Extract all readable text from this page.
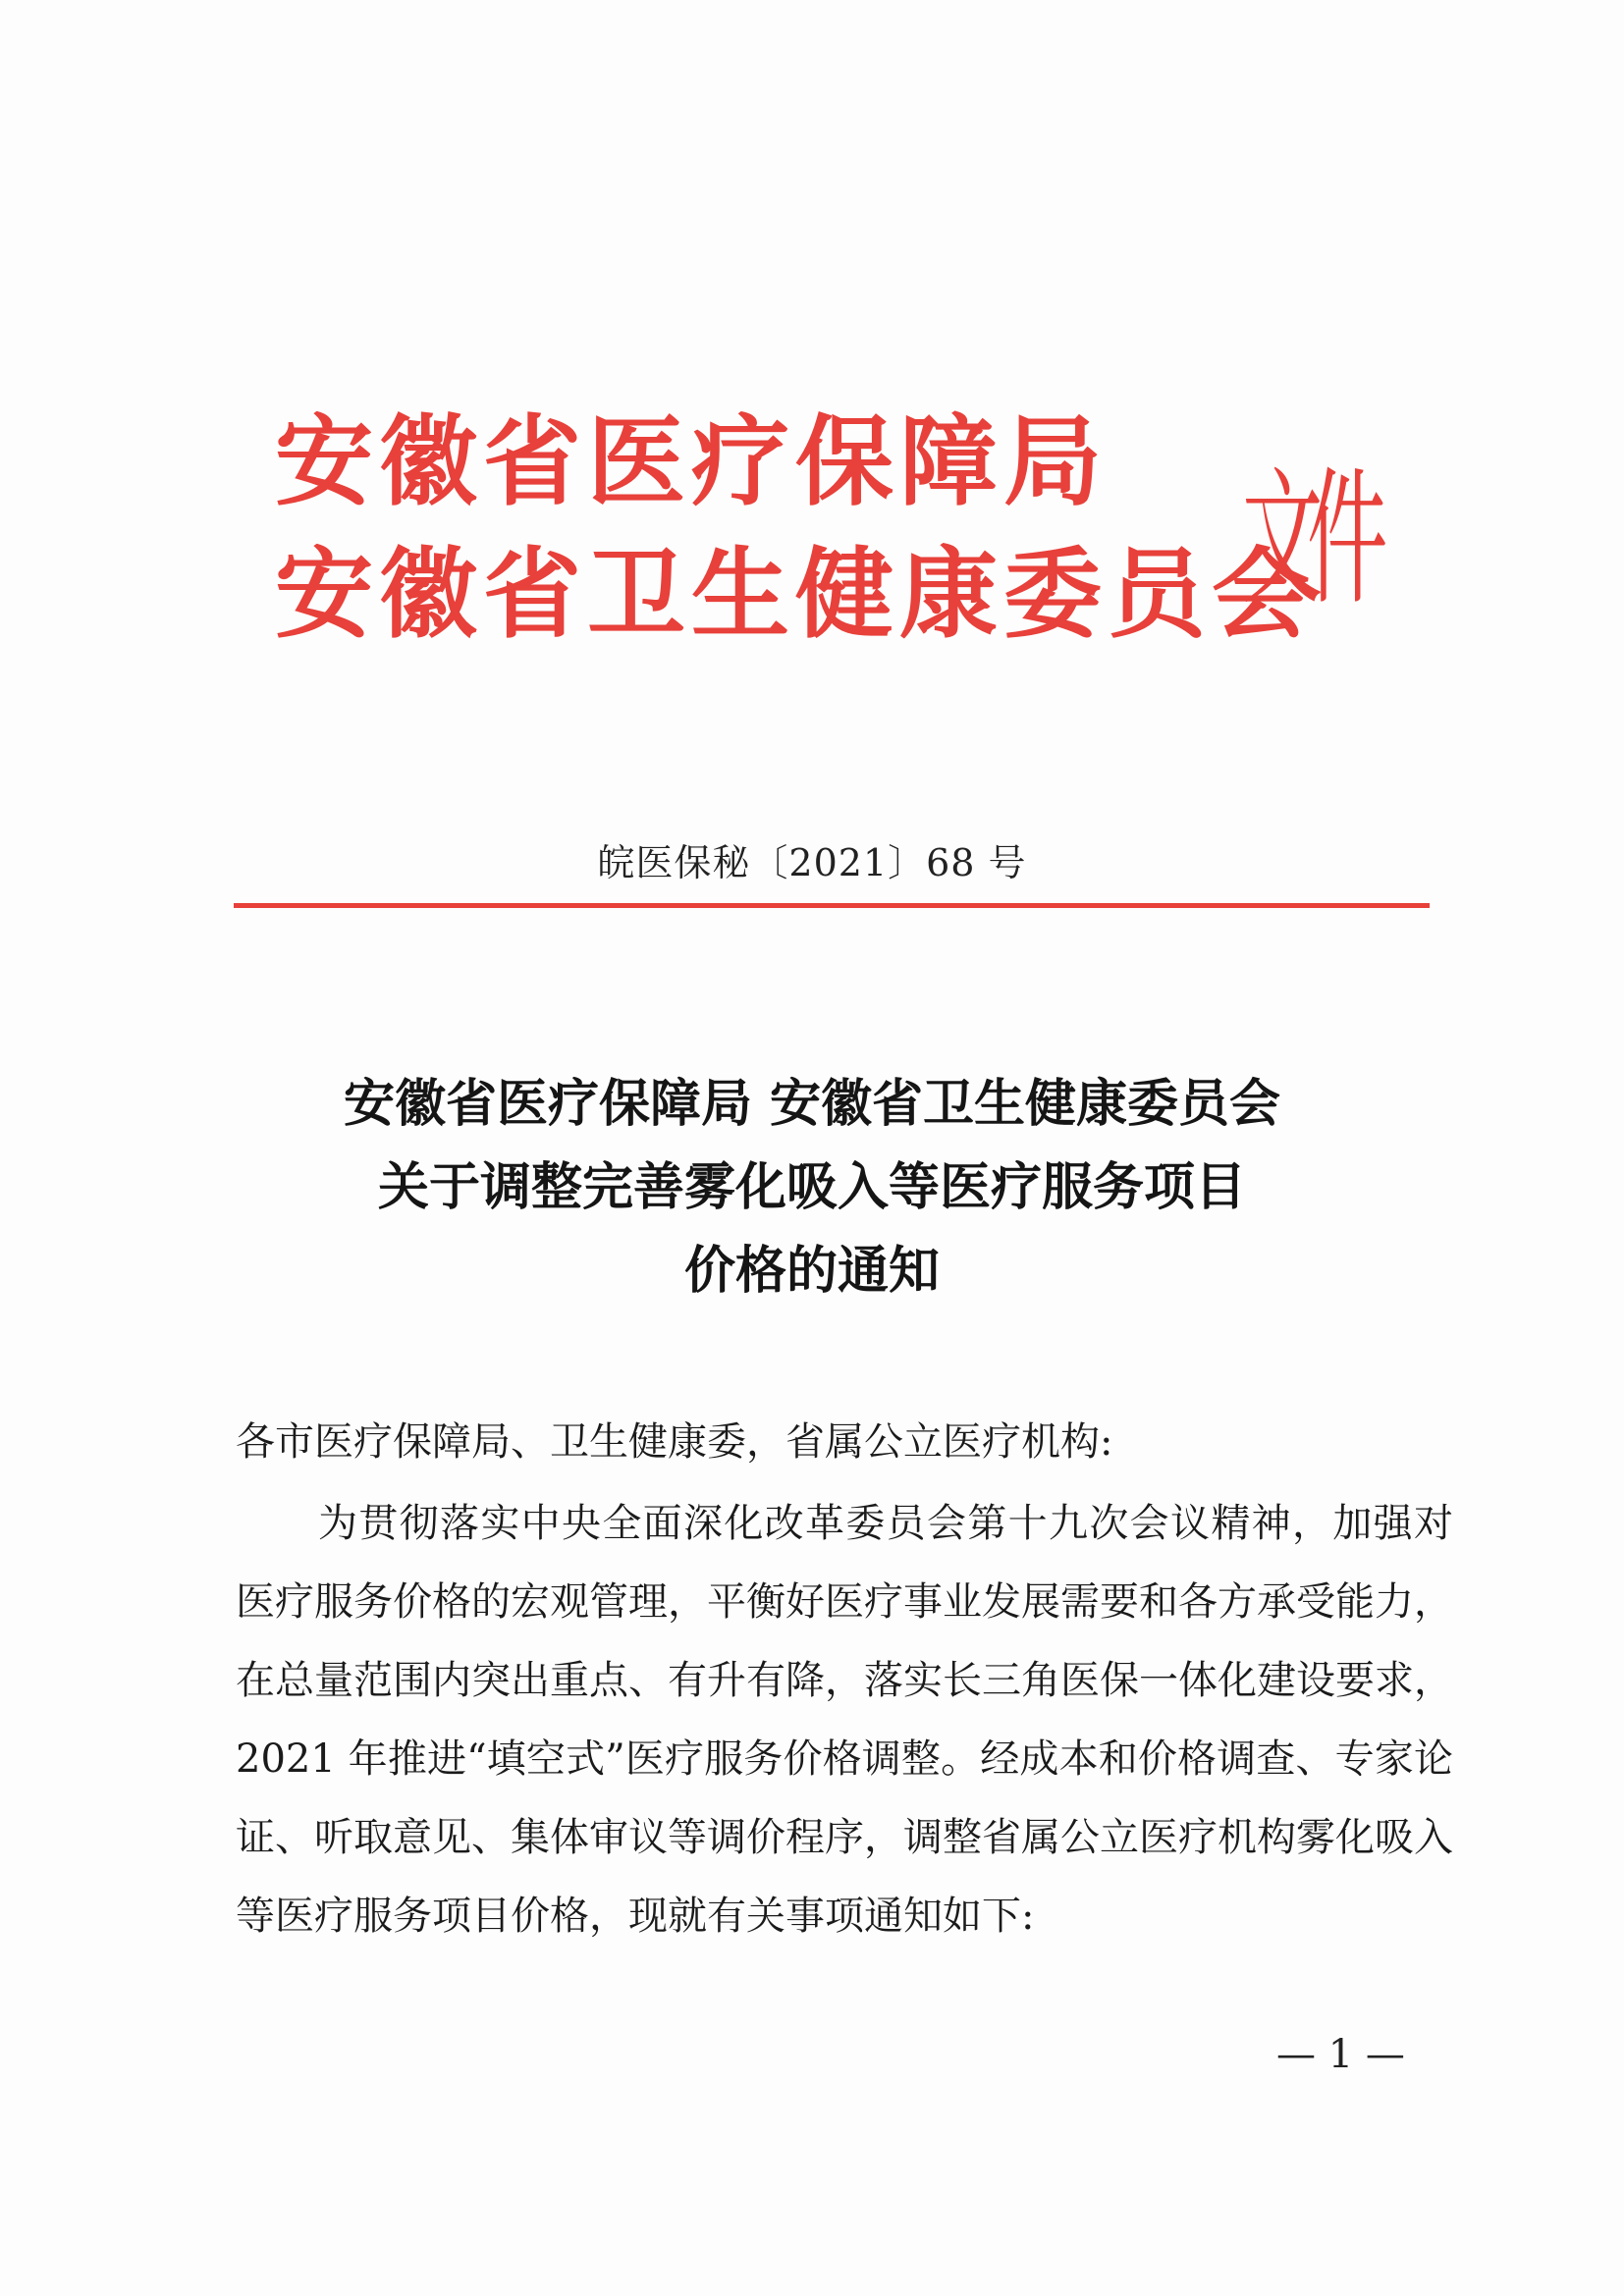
安徽省医疗保障局
安徽省卫生健康委员会
文件
皖医保秘〔2021〕68 号
安徽省医疗保障局 安徽省卫生健康委员会
关于调整完善雾化吸入等医疗服务项目
价格的通知
各市医疗保障局、卫生健康委，省属公立医疗机构:
为贯彻落实中央全面深化改革委员会第十九次会议精神，加强对医疗服务价格的宏观管理，平衡好医疗事业发展需要和各方承受能力，在总量范围内突出重点、有升有降，落实长三角医保一体化建设要求，2021 年推进“填空式”医疗服务价格调整。经成本和价格调查、专家论证、听取意见、集体审议等调价程序，调整省属公立医疗机构雾化吸入等医疗服务项目价格，现就有关事项通知如下:
— 1 —
